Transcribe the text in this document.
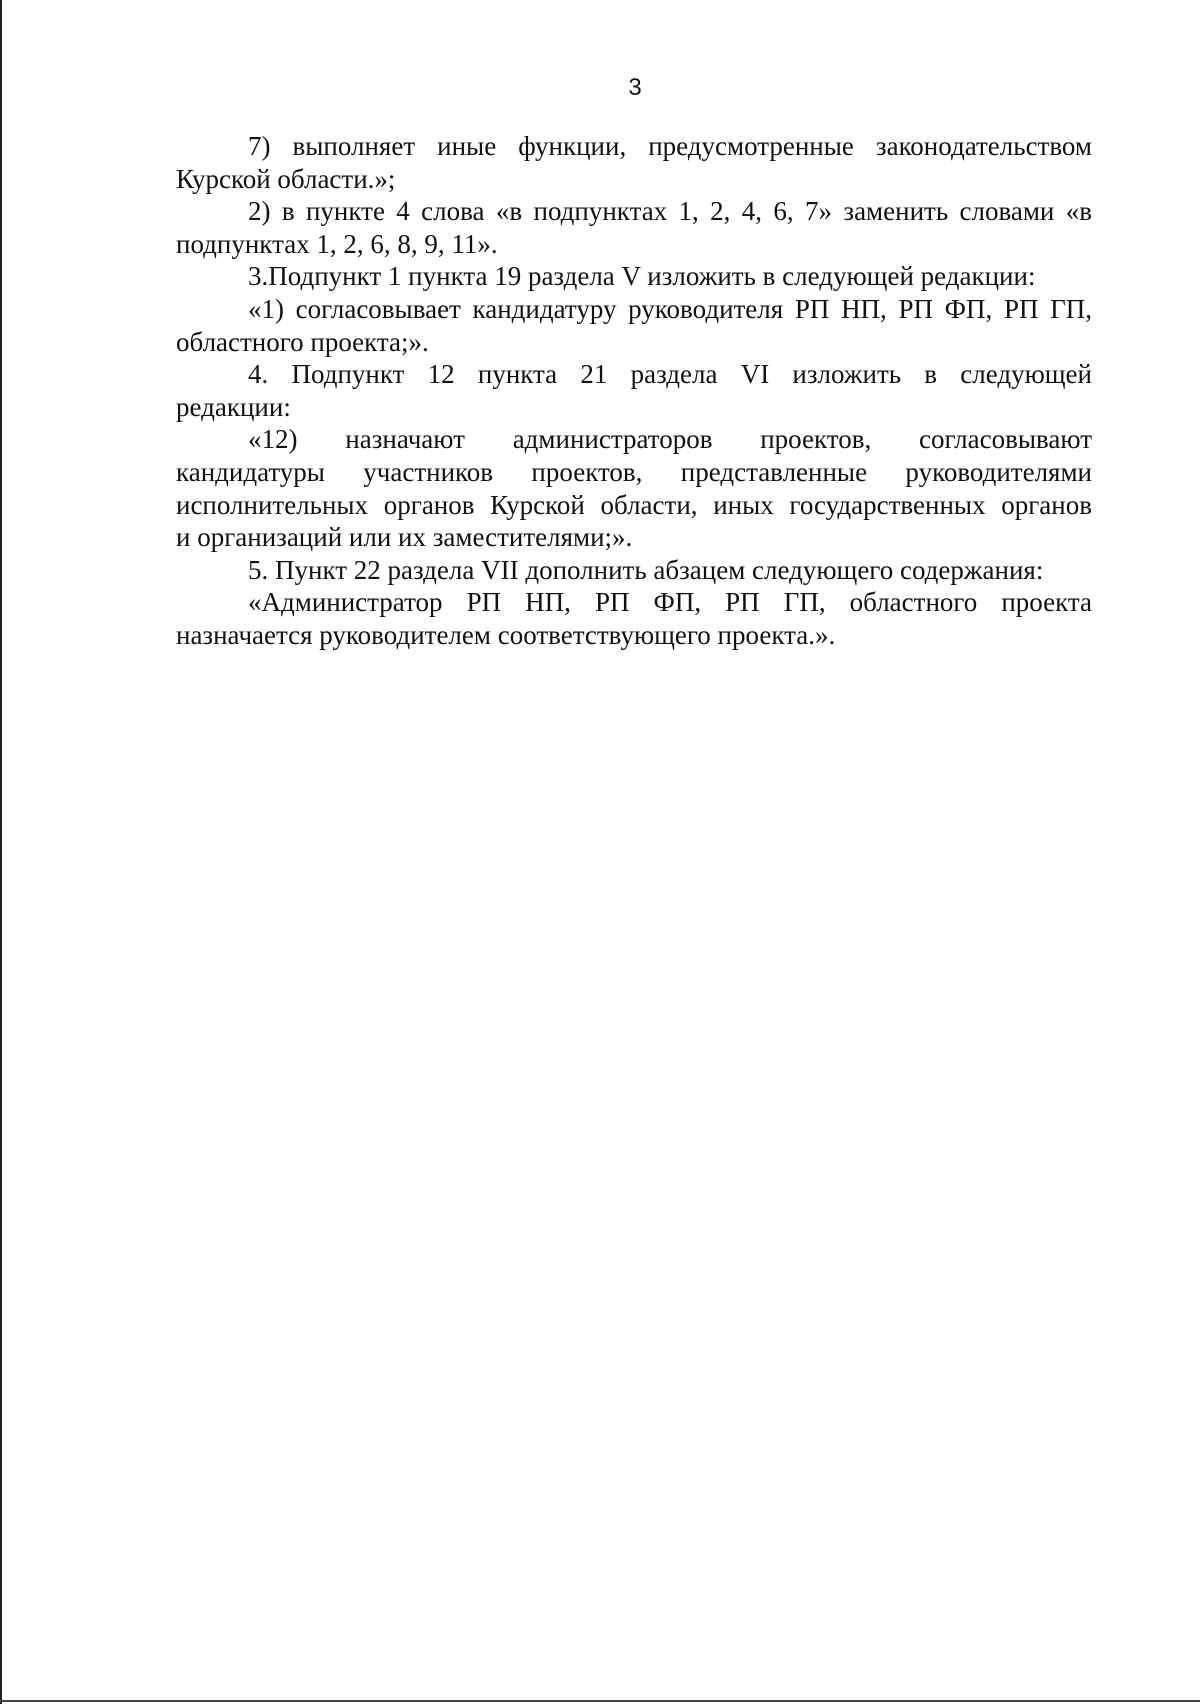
3
7) выполняет иные функции, предусмотренные законодательством
Курской области.»;
2) в пункте 4 слова «в подпунктах 1, 2, 4, 6, 7» заменить словами «в
подпунктах 1, 2, 6, 8, 9, 11».
3.Подпункт 1 пункта 19 раздела V изложить в следующей редакции:
«1) согласовывает кандидатуру руководителя РП НП, РП ФП, РП ГП,
областного проекта;».
4. Подпункт 12 пункта 21 раздела VI изложить в следующей
редакции:
«12) назначают администраторов проектов, согласовывают
кандидатуры участников проектов, представленные руководителями
исполнительных органов Курской области, иных государственных органов
и организаций или их заместителями;».
5. Пункт 22 раздела VII дополнить абзацем следующего содержания:
«Администратор РП НП, РП ФП, РП ГП, областного проекта
назначается руководителем соответствующего проекта.».
